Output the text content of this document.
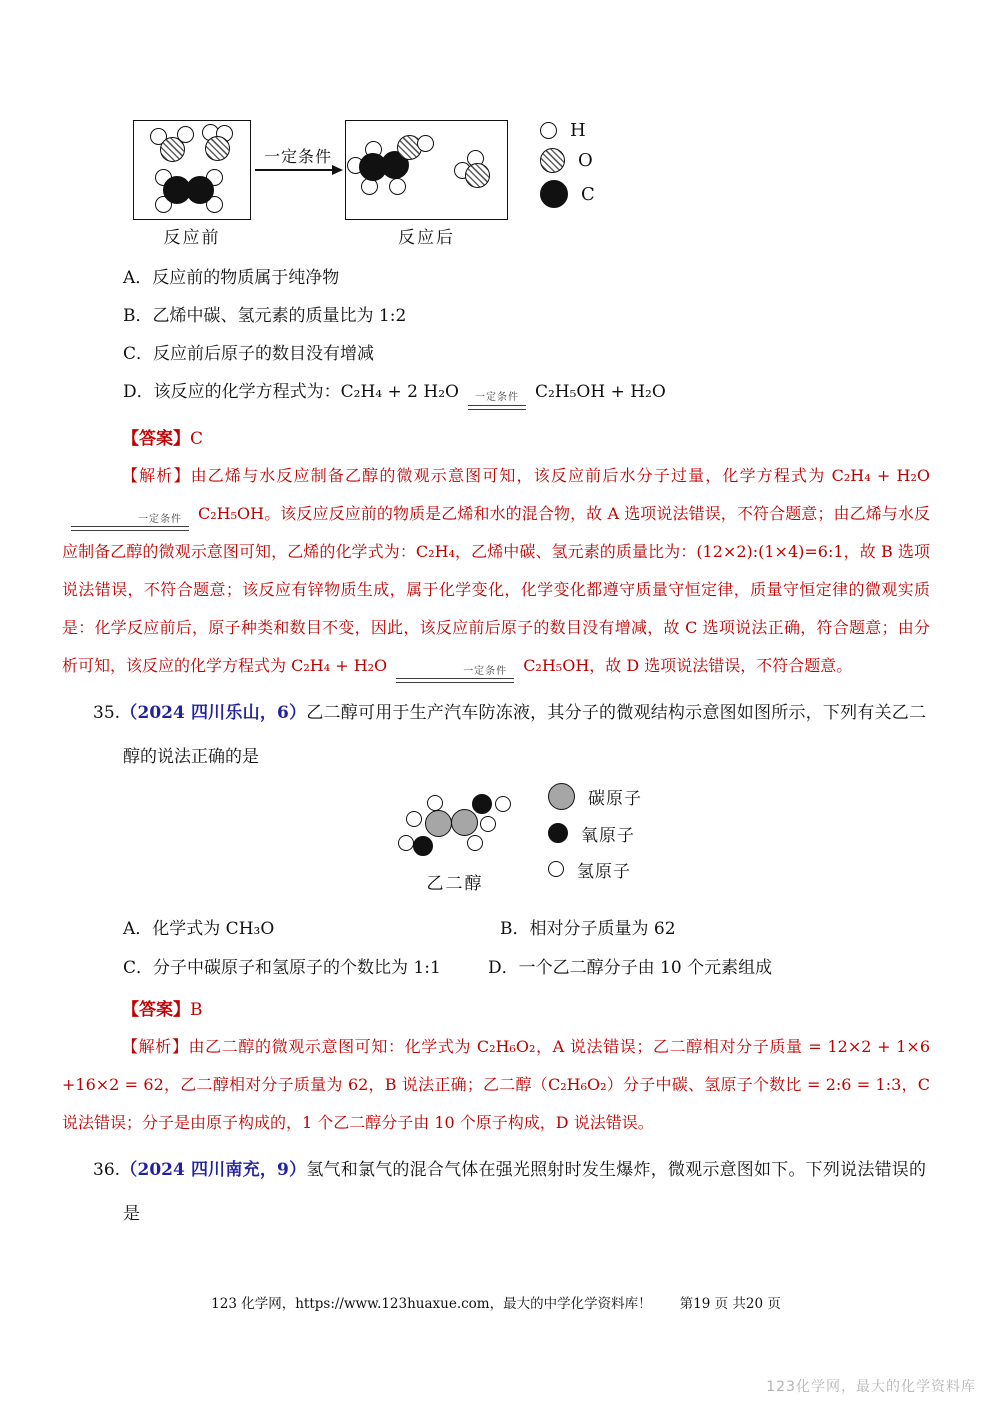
一定条件
反应前	反应后
H
O
C
A．反应前的物质属于纯净物
B．乙烯中碳、氢元素的质量比为 1:2
C．反应前后原子的数目没有增减
D．该反应的化学方程式为：C₂H₄ + 2 H₂O	一定条件 C₂H₅OH + H₂O
【答案】C
【解析】由乙烯与水反应制备乙醇的微观示意图可知，该反应前后水分子过量，化学方程式为 C₂H₄ + H₂O
一定条件	C₂H₅OH。该反应反应前的物质是乙烯和水的混合物，故 A 选项说法错误，不符合题意；由乙烯与水反应制备乙醇的微观示意图可知，乙烯的化学式为：C₂H₄，乙烯中碳、氢元素的质量比为：(12×2):(1×4)=6:1，故 B 选项说法错误，不符合题意；该反应有锌物质生成，属于化学变化，化学变化都遵守质量守恒定律，质量守恒定律的微观实质是：化学反应前后，原子种类和数目不变，因此，该反应前后原子的数目没有增减，故 C 选项说法正确，符合题意；由分析可知，该反应的化学方程式为 C₂H₄ + H₂O	一定条件	C₂H₅OH，故 D 选项说法错误，不符合题意。
35.（2024 四川乐山，6）乙二醇可用于生产汽车防冻液，其分子的微观结构示意图如图所示，下列有关乙二醇的说法正确的是
乙二醇
碳原子
氧原子
氢原子
A．化学式为 CH₃O	B．相对分子质量为 62
C．分子中碳原子和氢原子的个数比为 1:1	D．一个乙二醇分子由 10 个元素组成
【答案】B
【解析】由乙二醇的微观示意图可知：化学式为 C₂H₆O₂，A 说法错误；乙二醇相对分子质量 = 12×2 + 1×6 +16×2 = 62，乙二醇相对分子质量为 62，B 说法正确；乙二醇（C₂H₆O₂）分子中碳、氢原子个数比 = 2:6 = 1:3，C 说法错误；分子是由原子构成的，1 个乙二醇分子由 10 个原子构成，D 说法错误。
36.（2024 四川南充，9）氢气和氯气的混合气体在强光照射时发生爆炸，微观示意图如下。下列说法错误的是
123 化学网，https://www.123huaxue.com，最大的中学化学资料库！ 第19 页 共20 页
123化学网，最大的化学资料库
